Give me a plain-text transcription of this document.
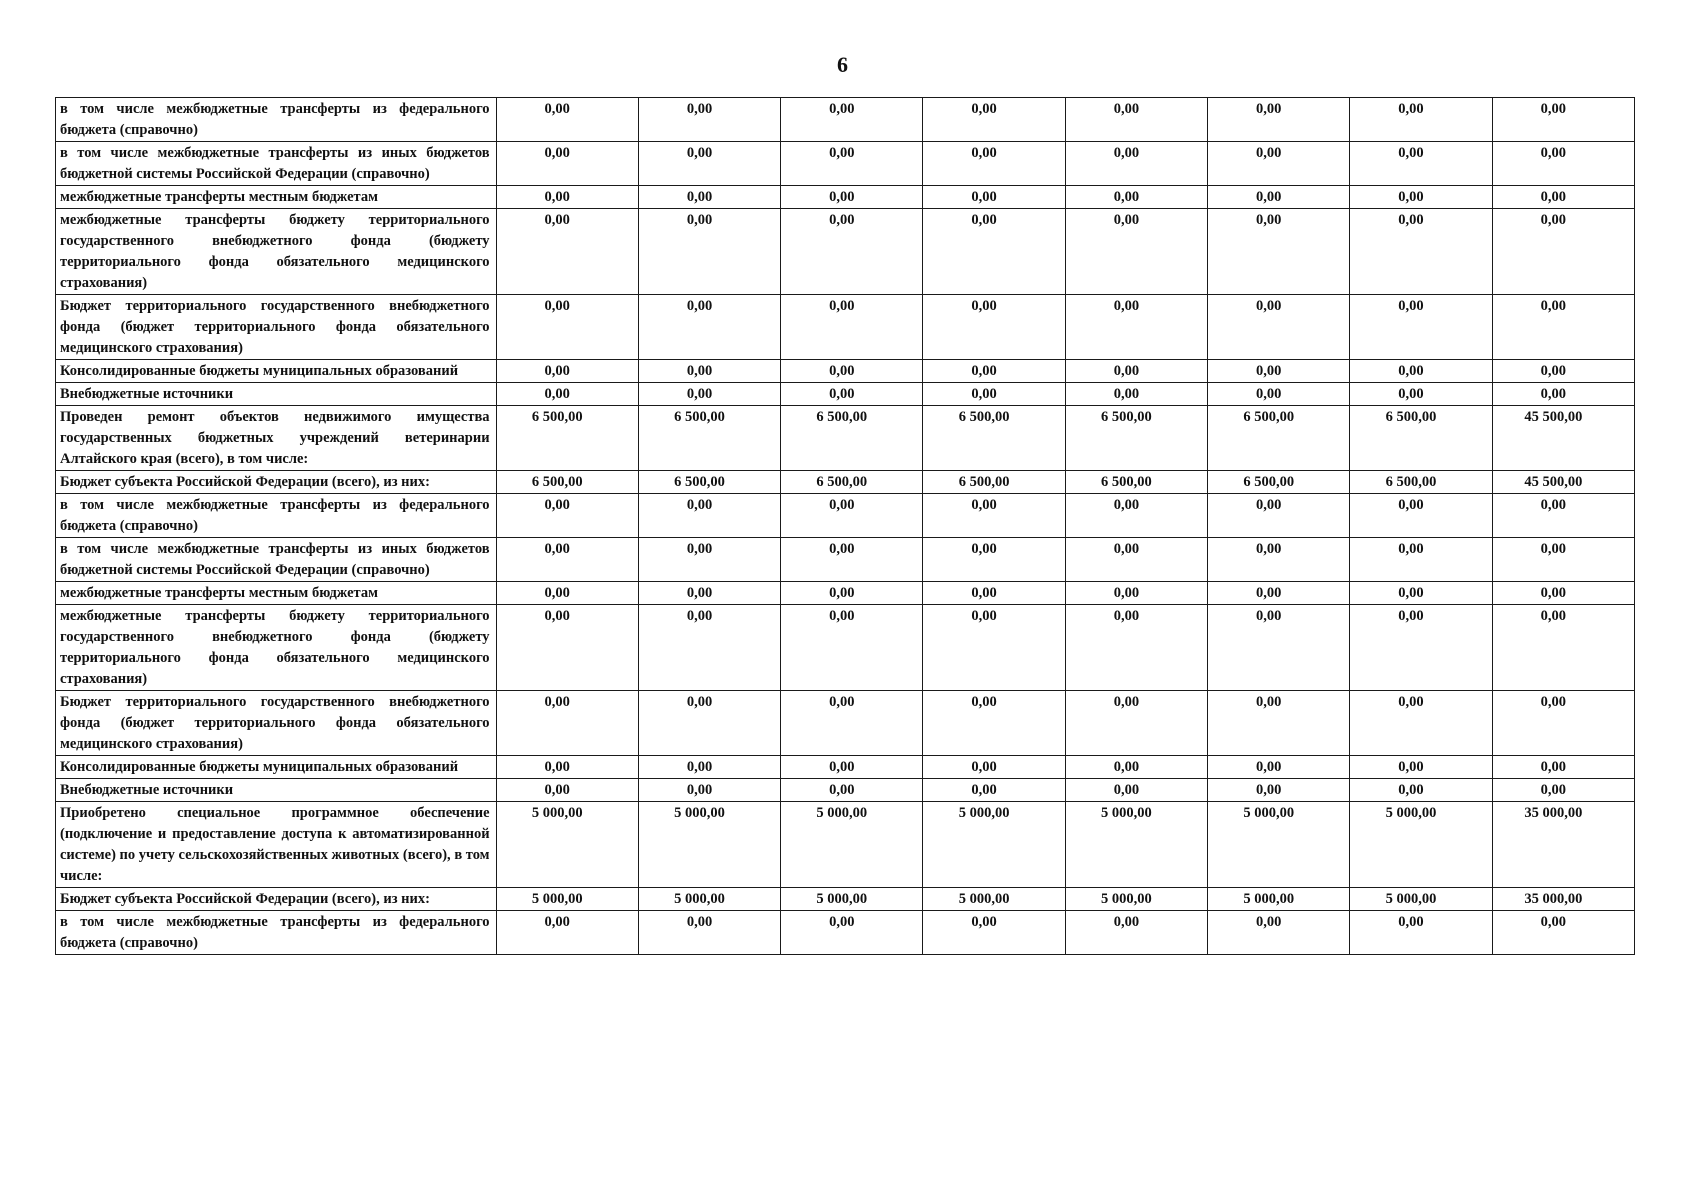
6
в том числе межбюджетные трансферты из федерального бюджета (справочно)	0,00	0,00	0,00	0,00	0,00	0,00	0,00	0,00
в том числе межбюджетные трансферты из иных бюджетов бюджетной системы Российской Федерации (справочно)	0,00	0,00	0,00	0,00	0,00	0,00	0,00	0,00
межбюджетные трансферты местным бюджетам	0,00	0,00	0,00	0,00	0,00	0,00	0,00	0,00
межбюджетные трансферты бюджету территориального государственного внебюджетного фонда (бюджету территориального фонда обязательного медицинского страхования)	0,00	0,00	0,00	0,00	0,00	0,00	0,00	0,00
Бюджет территориального государственного внебюджетного фонда (бюджет территориального фонда обязательного медицинского страхования)	0,00	0,00	0,00	0,00	0,00	0,00	0,00	0,00
Консолидированные бюджеты муниципальных образований	0,00	0,00	0,00	0,00	0,00	0,00	0,00	0,00
Внебюджетные источники	0,00	0,00	0,00	0,00	0,00	0,00	0,00	0,00
Проведен ремонт объектов недвижимого имущества государственных бюджетных учреждений ветеринарии Алтайского края (всего), в том числе:	6 500,00	6 500,00	6 500,00	6 500,00	6 500,00	6 500,00	6 500,00	45 500,00
Бюджет субъекта Российской Федерации (всего), из них:	6 500,00	6 500,00	6 500,00	6 500,00	6 500,00	6 500,00	6 500,00	45 500,00
в том числе межбюджетные трансферты из федерального бюджета (справочно)	0,00	0,00	0,00	0,00	0,00	0,00	0,00	0,00
в том числе межбюджетные трансферты из иных бюджетов бюджетной системы Российской Федерации (справочно)	0,00	0,00	0,00	0,00	0,00	0,00	0,00	0,00
межбюджетные трансферты местным бюджетам	0,00	0,00	0,00	0,00	0,00	0,00	0,00	0,00
межбюджетные трансферты бюджету территориального государственного внебюджетного фонда (бюджету территориального фонда обязательного медицинского страхования)	0,00	0,00	0,00	0,00	0,00	0,00	0,00	0,00
Бюджет территориального государственного внебюджетного фонда (бюджет территориального фонда обязательного медицинского страхования)	0,00	0,00	0,00	0,00	0,00	0,00	0,00	0,00
Консолидированные бюджеты муниципальных образований	0,00	0,00	0,00	0,00	0,00	0,00	0,00	0,00
Внебюджетные источники	0,00	0,00	0,00	0,00	0,00	0,00	0,00	0,00
Приобретено специальное программное обеспечение (подключение и предоставление доступа к автоматизированной системе) по учету сельскохозяйственных животных (всего), в том числе:	5 000,00	5 000,00	5 000,00	5 000,00	5 000,00	5 000,00	5 000,00	35 000,00
Бюджет субъекта Российской Федерации (всего), из них:	5 000,00	5 000,00	5 000,00	5 000,00	5 000,00	5 000,00	5 000,00	35 000,00
в том числе межбюджетные трансферты из федерального бюджета (справочно)	0,00	0,00	0,00	0,00	0,00	0,00	0,00	0,00
